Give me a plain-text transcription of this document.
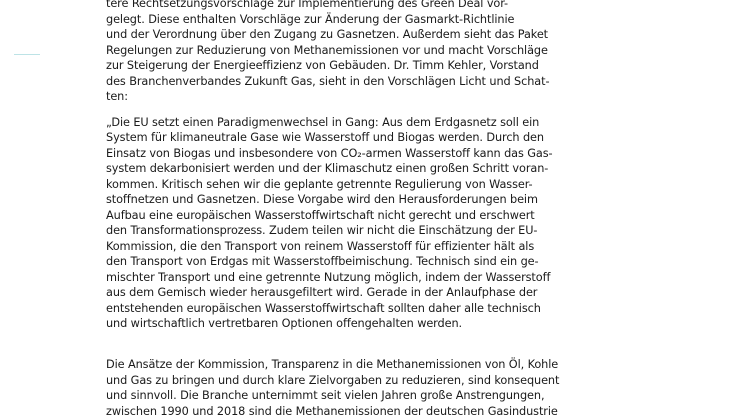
tere Rechtsetzungsvorschläge zur Implementierung des Green Deal vor-
gelegt. Diese enthalten Vorschläge zur Änderung der Gasmarkt-Richtlinie
und der Verordnung über den Zugang zu Gasnetzen. Außerdem sieht das Paket
Regelungen zur Reduzierung von Methanemissionen vor und macht Vorschläge
zur Steigerung der Energieeffizienz von Gebäuden. Dr. Timm Kehler, Vorstand
des Branchenverbandes Zukunft Gas, sieht in den Vorschlägen Licht und Schat-
ten:

„Die EU setzt einen Paradigmenwechsel in Gang: Aus dem Erdgasnetz soll ein
System für klimaneutrale Gase wie Wasserstoff und Biogas werden. Durch den
Einsatz von Biogas und insbesondere von CO₂-armen Wasserstoff kann das Gas-
system dekarbonisiert werden und der Klimaschutz einen großen Schritt voran-
kommen. Kritisch sehen wir die geplante getrennte Regulierung von Wasser-
stoffnetzen und Gasnetzen. Diese Vorgabe wird den Herausforderungen beim
Aufbau eine europäischen Wasserstoffwirtschaft nicht gerecht und erschwert
den Transformationsprozess. Zudem teilen wir nicht die Einschätzung der EU-
Kommission, die den Transport von reinem Wasserstoff für effizienter hält als
den Transport von Erdgas mit Wasserstoffbeimischung. Technisch sind ein ge-
mischter Transport und eine getrennte Nutzung möglich, indem der Wasserstoff
aus dem Gemisch wieder herausgefiltert wird. Gerade in der Anlaufphase der
entstehenden europäischen Wasserstoffwirtschaft sollten daher alle technisch
und wirtschaftlich vertretbaren Optionen offengehalten werden.

Die Ansätze der Kommission, Transparenz in die Methanemissionen von Öl, Kohle
und Gas zu bringen und durch klare Zielvorgaben zu reduzieren, sind konsequent
und sinnvoll. Die Branche unternimmt seit vielen Jahren große Anstrengungen,
zwischen 1990 und 2018 sind die Methanemissionen der deutschen Gasindustrie
